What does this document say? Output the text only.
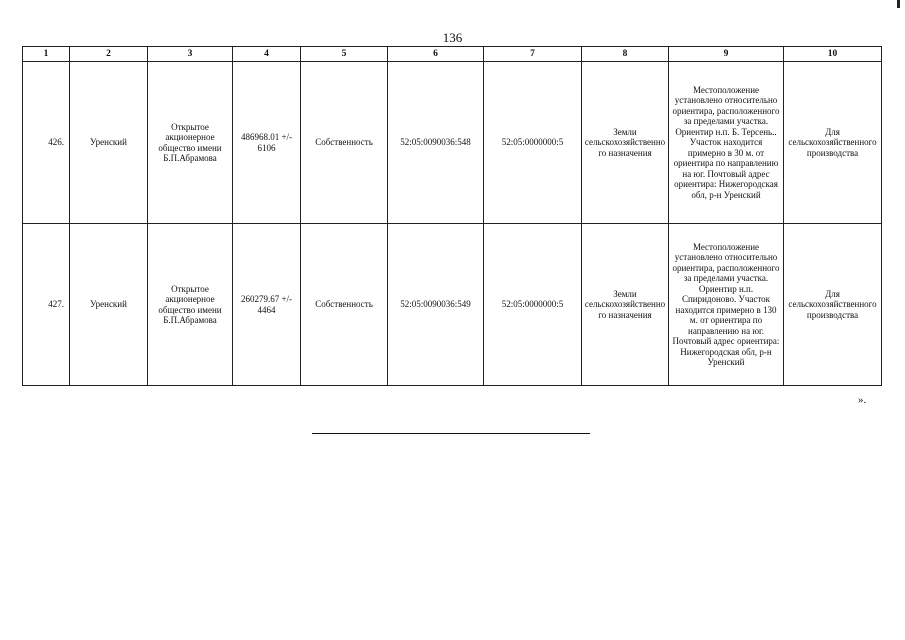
136
1	2	3	4	5	6	7	8	9	10
426.	Уренский	Открытое акционерное общество имени Б.П.Абрамова	486968.01 +/- 6106	Собственность	52:05:0090036:548	52:05:0000000:5	Земли сельскохозяйственного назначения	Местоположение установлено относительно ориентира, расположенного за пределами участка. Ориентир н.п. Б. Терсень.. Участок находится примерно в 30 м. от ориентира по направлению на юг. Почтовый адрес ориентира: Нижегородская обл, р-н Уренский	Для сельскохозяйственного производства
427.	Уренский	Открытое акционерное общество имени Б.П.Абрамова	260279.67 +/- 4464	Собственность	52:05:0090036:549	52:05:0000000:5	Земли сельскохозяйственного назначения	Местоположение установлено относительно ориентира, расположенного за пределами участка. Ориентир н.п. Спиридоново. Участок находится примерно в 130 м. от ориентира по направлению на юг. Почтовый адрес ориентира: Нижегородская обл, р-н Уренский	Для сельскохозяйственного производства
».
